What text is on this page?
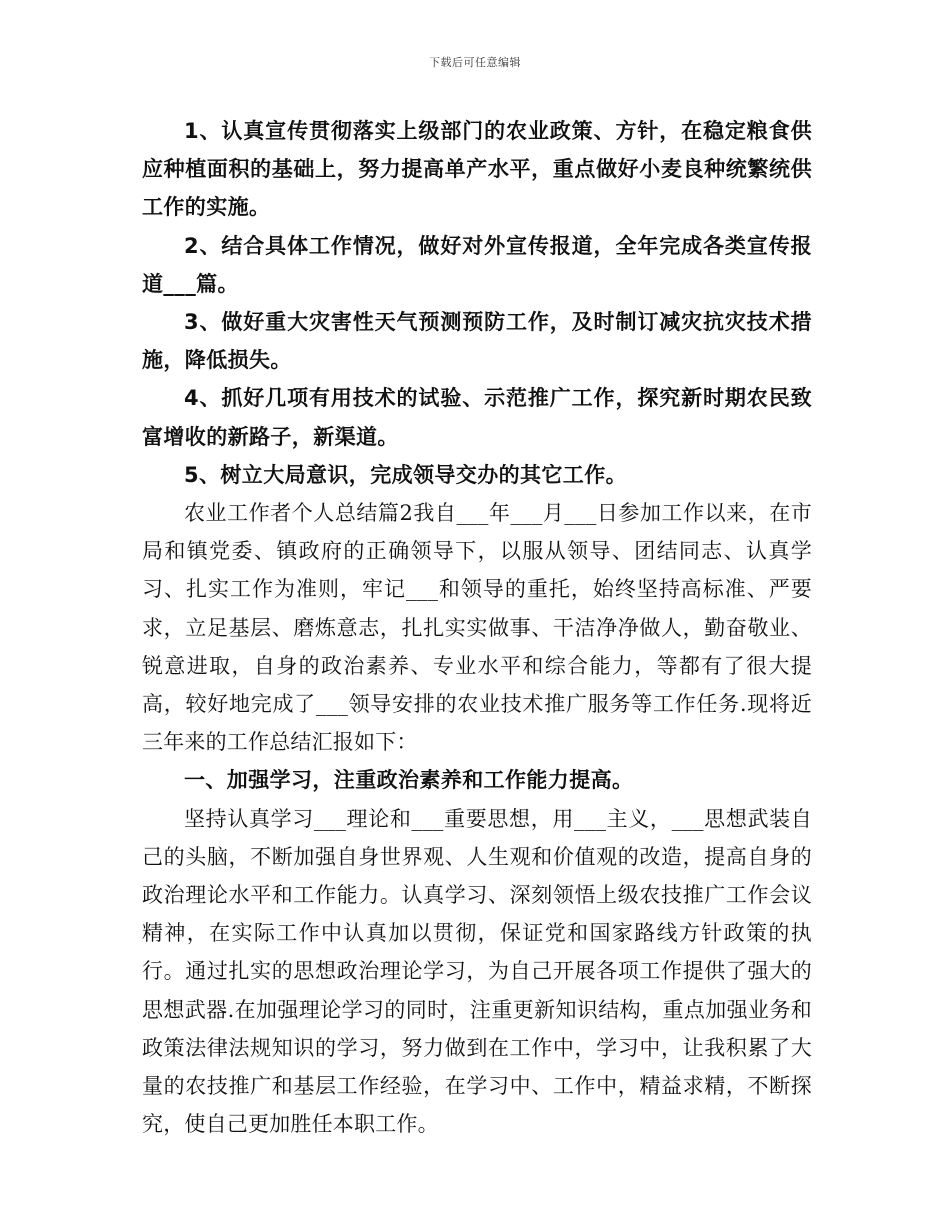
下载后可任意编辑

1、认真宣传贯彻落实上级部门的农业政策、方针，在稳定粮食供应种植面积的基础上，努力提高单产水平，重点做好小麦良种统繁统供工作的实施。

2、结合具体工作情况，做好对外宣传报道，全年完成各类宣传报道___篇。

3、做好重大灾害性天气预测预防工作，及时制订减灾抗灾技术措施，降低损失。

4、抓好几项有用技术的试验、示范推广工作，探究新时期农民致富增收的新路子，新渠道。

5、树立大局意识，完成领导交办的其它工作。

农业工作者个人总结篇2我自___年___月___日参加工作以来，在市局和镇党委、镇政府的正确领导下，以服从领导、团结同志、认真学习、扎实工作为准则，牢记___和领导的重托，始终坚持高标准、严要求，立足基层、磨炼意志，扎扎实实做事、干洁净净做人，勤奋敬业、锐意进取，自身的政治素养、专业水平和综合能力，等都有了很大提高，较好地完成了___领导安排的农业技术推广服务等工作任务.现将近三年来的工作总结汇报如下：

一、加强学习，注重政治素养和工作能力提高。

坚持认真学习___理论和___重要思想，用___主义，___思想武装自己的头脑，不断加强自身世界观、人生观和价值观的改造，提高自身的政治理论水平和工作能力。认真学习、深刻领悟上级农技推广工作会议精神，在实际工作中认真加以贯彻，保证党和国家路线方针政策的执行。通过扎实的思想政治理论学习，为自己开展各项工作提供了强大的思想武器.在加强理论学习的同时，注重更新知识结构，重点加强业务和政策法律法规知识的学习，努力做到在工作中，学习中，让我积累了大量的农技推广和基层工作经验，在学习中、工作中，精益求精，不断探究，使自己更加胜任本职工作。
